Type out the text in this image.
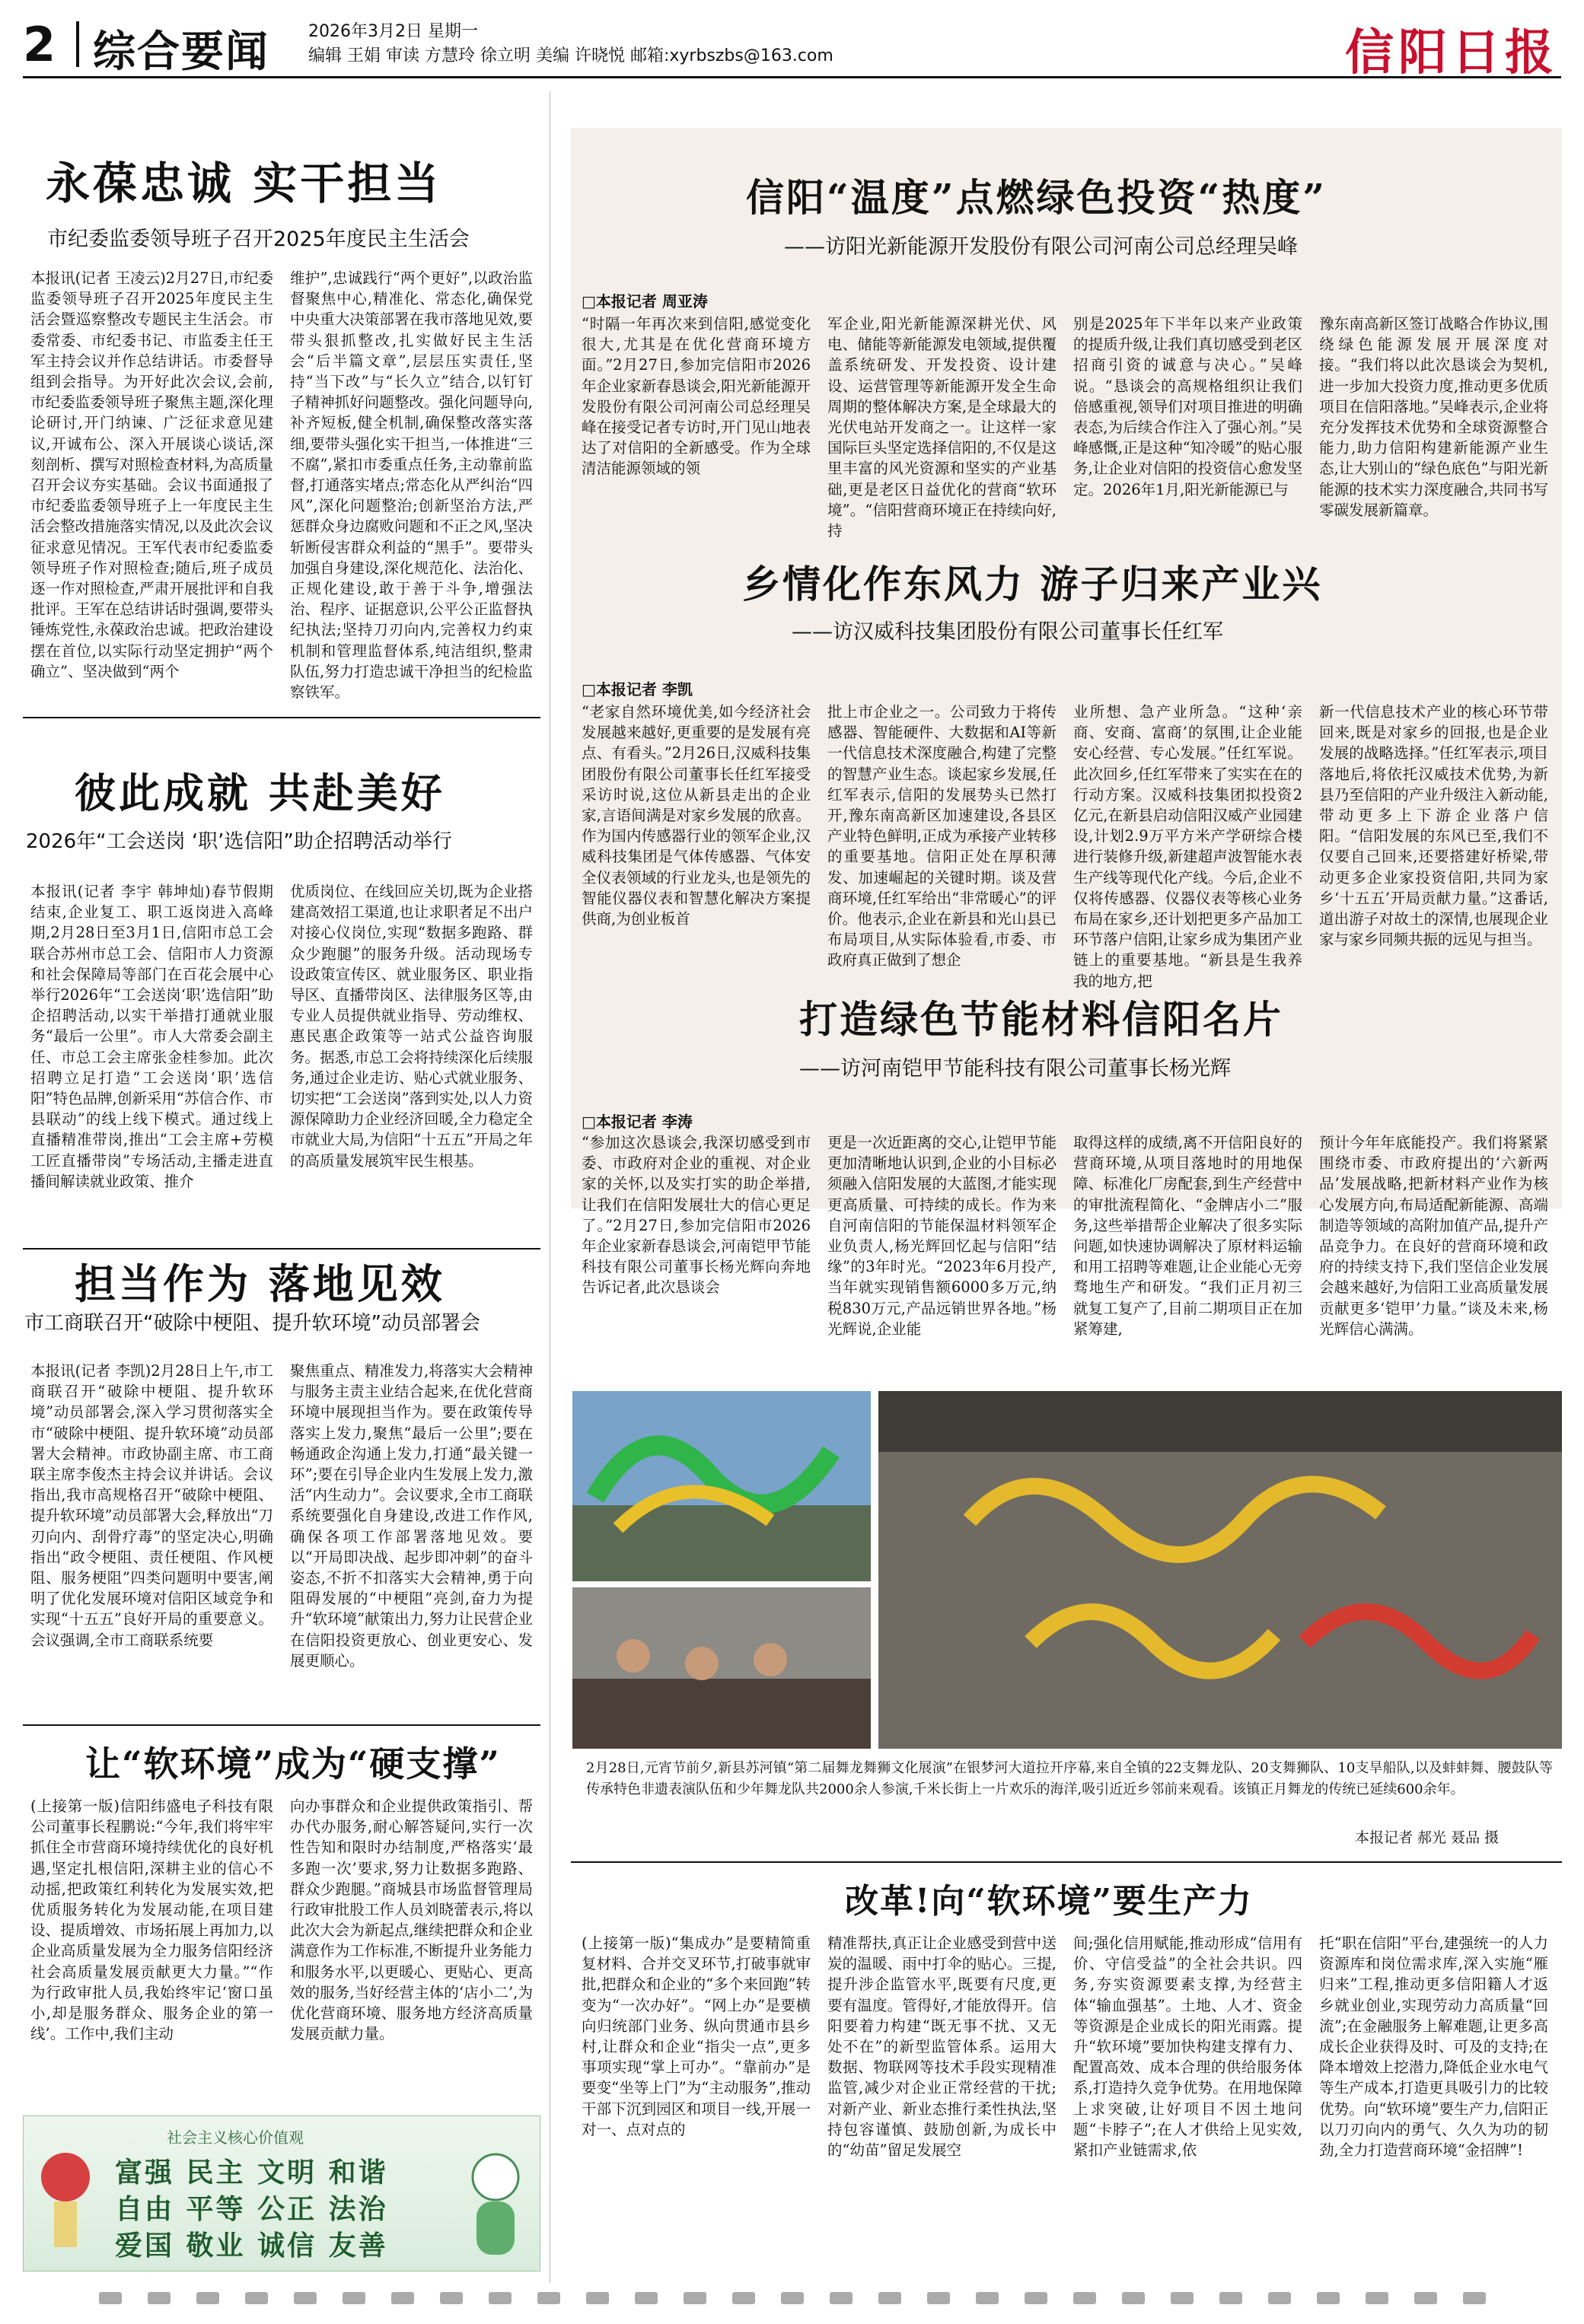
2 综合要闻 2026年3月2日 星期一
编辑 王娟 审读 方慧玲 徐立明 美编 许晓悦 邮箱:xyrbszbs@163.com	信阳日报
永葆忠诚 实干担当
市纪委监委领导班子召开2025年度民主生活会
本报讯(记者 王凌云)2月27日,市纪委监委领导班子召开2025年度民主生活会暨巡察整改专题民主生活会。市委常委、市纪委书记、市监委主任王军主持会议并作总结讲话。市委督导组到会指导。为开好此次会议,会前,市纪委监委领导班子聚焦主题,深化理论研讨,开门纳谏、广泛征求意见建议,开诚布公、深入开展谈心谈话,深刻剖析、撰写对照检查材料,为高质量召开会议夯实基础。会议书面通报了市纪委监委领导班子上一年度民主生活会整改措施落实情况,以及此次会议征求意见情况。王军代表市纪委监委领导班子作对照检查;随后,班子成员逐一作对照检查,严肃开展批评和自我批评。王军在总结讲话时强调,要带头锤炼党性,永葆政治忠诚。把政治建设摆在首位,以实际行动坚定拥护“两个确立”、坚决做到“两个
维护”,忠诚践行“两个更好”,以政治监督聚焦中心,精准化、常态化,确保党中央重大决策部署在我市落地见效,要带头狠抓整改,扎实做好民主生活会“后半篇文章”,层层压实责任,坚持“当下改”与“长久立”结合,以钉钉子精神抓好问题整改。强化问题导向,补齐短板,健全机制,确保整改落实落细,要带头强化实干担当,一体推进“三不腐”,紧扣市委重点任务,主动靠前监督,打通落实堵点;常态化从严纠治“四风”,深化问题整治;创新坚治方法,严惩群众身边腐败问题和不正之风,坚决斩断侵害群众利益的“黑手”。要带头加强自身建设,深化规范化、法治化、正规化建设,敢于善于斗争,增强法治、程序、证据意识,公平公正监督执纪执法;坚持刀刃向内,完善权力约束机制和管理监督体系,纯洁组织,整肃队伍,努力打造忠诚干净担当的纪检监察铁军。
彼此成就 共赴美好
2026年“工会送岗 ‘职’选信阳”助企招聘活动举行
本报讯(记者 李宇 韩坤灿)春节假期结束,企业复工、职工返岗进入高峰期,2月28日至3月1日,信阳市总工会联合苏州市总工会、信阳市人力资源和社会保障局等部门在百花会展中心举行2026年“工会送岗‘职’选信阳”助企招聘活动,以实干举措打通就业服务“最后一公里”。市人大常委会副主任、市总工会主席张金桂参加。此次招聘立足打造“工会送岗‘职’选信阳”特色品牌,创新采用“苏信合作、市县联动”的线上线下模式。通过线上直播精准带岗,推出“工会主席+劳模工匠直播带岗”专场活动,主播走进直播间解读就业政策、推介
优质岗位、在线回应关切,既为企业搭建高效招工渠道,也让求职者足不出户对接心仪岗位,实现“数据多跑路、群众少跑腿”的服务升级。活动现场专设政策宣传区、就业服务区、职业指导区、直播带岗区、法律服务区等,由专业人员提供就业指导、劳动维权、惠民惠企政策等一站式公益咨询服务。据悉,市总工会将持续深化后续服务,通过企业走访、贴心式就业服务、切实把“工会送岗”落到实处,以人力资源保障助力企业经济回暖,全力稳定全市就业大局,为信阳“十五五”开局之年的高质量发展筑牢民生根基。
担当作为 落地见效
市工商联召开“破除中梗阻、提升软环境”动员部署会
本报讯(记者 李凯)2月28日上午,市工商联召开“破除中梗阻、提升软环境”动员部署会,深入学习贯彻落实全市“破除中梗阻、提升软环境”动员部署大会精神。市政协副主席、市工商联主席李俊杰主持会议并讲话。会议指出,我市高规格召开“破除中梗阻、提升软环境”动员部署大会,释放出“刀刃向内、刮骨疗毒”的坚定决心,明确指出“政令梗阻、责任梗阻、作风梗阻、服务梗阻”四类问题明中要害,阐明了优化发展环境对信阳区域竞争和实现“十五五”良好开局的重要意义。会议强调,全市工商联系统要
聚焦重点、精准发力,将落实大会精神与服务主责主业结合起来,在优化营商环境中展现担当作为。要在政策传导落实上发力,聚焦“最后一公里”;要在畅通政企沟通上发力,打通“最关键一环”;要在引导企业内生发展上发力,激活“内生动力”。会议要求,全市工商联系统要强化自身建设,改进工作作风,确保各项工作部署落地见效。要以“开局即决战、起步即冲刺”的奋斗姿态,不折不扣落实大会精神,勇于向阻碍发展的“中梗阻”亮剑,奋力为提升“软环境”献策出力,努力让民营企业在信阳投资更放心、创业更安心、发展更顺心。
让“软环境”成为“硬支撑”
(上接第一版)信阳纬盛电子科技有限公司董事长程鹏说:“今年,我们将牢牢抓住全市营商环境持续优化的良好机遇,坚定扎根信阳,深耕主业的信心不动摇,把政策红利转化为发展实效,把优质服务转化为发展动能,在项目建设、提质增效、市场拓展上再加力,以企业高质量发展为全力服务信阳经济社会高质量发展贡献更大力量。”“作为行政审批人员,我始终牢记‘窗口虽小,却是服务群众、服务企业的第一线’。工作中,我们主动
向办事群众和企业提供政策指引、帮办代办服务,耐心解答疑问,实行一次性告知和限时办结制度,严格落实‘最多跑一次’要求,努力让数据多跑路、群众少跑腿。”商城县市场监督管理局行政审批股工作人员刘晓蕾表示,将以此次大会为新起点,继续把群众和企业满意作为工作标准,不断提升业务能力和服务水平,以更暖心、更贴心、更高效的服务,当好经营主体的‘店小二’,为优化营商环境、服务地方经济高质量发展贡献力量。
社会主义核心价值观
富强 民主 文明 和谐
自由 平等 公正 法治
爱国 敬业 诚信 友善
信阳“温度”点燃绿色投资“热度”
——访阳光新能源开发股份有限公司河南公司总经理吴峰
□本报记者 周亚涛
“时隔一年再次来到信阳,感觉变化很大,尤其是在优化营商环境方面。”2月27日,参加完信阳市2026年企业家新春恳谈会,阳光新能源开发股份有限公司河南公司总经理吴峰在接受记者专访时,开门见山地表达了对信阳的全新感受。作为全球清洁能源领域的领
军企业,阳光新能源深耕光伏、风电、储能等新能源发电领域,提供覆盖系统研发、开发投资、设计建设、运营管理等新能源开发全生命周期的整体解决方案,是全球最大的光伏电站开发商之一。让这样一家国际巨头坚定选择信阳的,不仅是这里丰富的风光资源和坚实的产业基础,更是老区日益优化的营商“软环境”。“信阳营商环境正在持续向好,持
别是2025年下半年以来产业政策的提质升级,让我们真切感受到老区招商引资的诚意与决心。”吴峰说。“恳谈会的高规格组织让我们倍感重视,领导们对项目推进的明确表态,为后续合作注入了强心剂。”吴峰感慨,正是这种“知冷暖”的贴心服务,让企业对信阳的投资信心愈发坚定。2026年1月,阳光新能源已与
豫东南高新区签订战略合作协议,围绕绿色能源发展开展深度对接。“我们将以此次恳谈会为契机,进一步加大投资力度,推动更多优质项目在信阳落地。”吴峰表示,企业将充分发挥技术优势和全球资源整合能力,助力信阳构建新能源产业生态,让大别山的“绿色底色”与阳光新能源的技术实力深度融合,共同书写零碳发展新篇章。
乡情化作东风力 游子归来产业兴
——访汉威科技集团股份有限公司董事长任红军
□本报记者 李凯
“老家自然环境优美,如今经济社会发展越来越好,更重要的是发展有亮点、有看头。”2月26日,汉威科技集团股份有限公司董事长任红军接受采访时说,这位从新县走出的企业家,言语间满是对家乡发展的欣喜。作为国内传感器行业的领军企业,汉威科技集团是气体传感器、气体安全仪表领域的行业龙头,也是领先的智能仪器仪表和智慧化解决方案提供商,为创业板首
批上市企业之一。公司致力于将传感器、智能硬件、大数据和AI等新一代信息技术深度融合,构建了完整的智慧产业生态。谈起家乡发展,任红军表示,信阳的发展势头已然打开,豫东南高新区加速建设,各县区产业特色鲜明,正成为承接产业转移的重要基地。信阳正处在厚积薄发、加速崛起的关键时期。谈及营商环境,任红军给出“非常暖心”的评价。他表示,企业在新县和光山县已布局项目,从实际体验看,市委、市政府真正做到了想企
业所想、急产业所急。“这种‘亲商、安商、富商’的氛围,让企业能安心经营、专心发展。”任红军说。此次回乡,任红军带来了实实在在的行动方案。汉威科技集团拟投资2亿元,在新县启动信阳汉威产业园建设,计划2.9万平方米产学研综合楼进行装修升级,新建超声波智能水表生产线等现代化产线。今后,企业不仅将传感器、仪器仪表等核心业务布局在家乡,还计划把更多产品加工环节落户信阳,让家乡成为集团产业链上的重要基地。“新县是生我养我的地方,把
新一代信息技术产业的核心环节带回来,既是对家乡的回报,也是企业发展的战略选择。”任红军表示,项目落地后,将依托汉威技术优势,为新县乃至信阳的产业升级注入新动能,带动更多上下游企业落户信阳。“信阳发展的东风已至,我们不仅要自己回来,还要搭建好桥梁,带动更多企业家投资信阳,共同为家乡‘十五五’开局贡献力量。”这番话,道出游子对故土的深情,也展现企业家与家乡同频共振的远见与担当。
打造绿色节能材料信阳名片
——访河南铠甲节能科技有限公司董事长杨光辉
□本报记者 李涛
“参加这次恳谈会,我深切感受到市委、市政府对企业的重视、对企业家的关怀,以及实打实的助企举措,让我们在信阳发展壮大的信心更足了。”2月27日,参加完信阳市2026年企业家新春恳谈会,河南铠甲节能科技有限公司董事长杨光辉向奔地告诉记者,此次恳谈会
更是一次近距离的交心,让铠甲节能更加清晰地认识到,企业的小目标必须融入信阳发展的大蓝图,才能实现更高质量、可持续的成长。作为来自河南信阳的节能保温材料领军企业负责人,杨光辉回忆起与信阳“结缘”的3年时光。“2023年6月投产,当年就实现销售额6000多万元,纳税830万元,产品远销世界各地。”杨光辉说,企业能
取得这样的成绩,离不开信阳良好的营商环境,从项目落地时的用地保障、标准化厂房配套,到生产经营中的审批流程简化、“金牌店小二”服务,这些举措帮企业解决了很多实际问题,如快速协调解决了原材料运输和用工招聘等难题,让企业能心无旁骛地生产和研发。“我们正月初三就复工复产了,目前二期项目正在加紧筹建,
预计今年年底能投产。我们将紧紧围绕市委、市政府提出的‘六新两品’发展战略,把新材料产业作为核心发展方向,布局适配新能源、高端制造等领域的高附加值产品,提升产品竞争力。在良好的营商环境和政府的持续支持下,我们坚信企业发展会越来越好,为信阳工业高质量发展贡献更多‘铠甲’力量。”谈及未来,杨光辉信心满满。
2月28日,元宵节前夕,新县苏河镇“第二届舞龙舞狮文化展演”在银梦河大道拉开序幕,来自全镇的22支舞龙队、20支舞狮队、10支旱船队,以及蚌蚌舞、腰鼓队等传承特色非遗表演队伍和少年舞龙队共2000余人参演,千米长街上一片欢乐的海洋,吸引近近乡邻前来观看。该镇正月舞龙的传统已延续600余年。
本报记者 郝光 聂品 摄
改革!向“软环境”要生产力
(上接第一版)“集成办”是要精简重复材料、合并交叉环节,打破事就审批,把群众和企业的“多个来回跑”转变为“一次办好”。“网上办”是要横向归统部门业务、纵向贯通市县乡村,让群众和企业“指尖一点”,更多事项实现“掌上可办”。“靠前办”是要变“坐等上门”为“主动服务”,推动干部下沉到园区和项目一线,开展一对一、点对点的
精准帮扶,真正让企业感受到营中送炭的温暖、雨中打伞的贴心。三提,提升涉企监管水平,既要有尺度,更要有温度。管得好,才能放得开。信阳要着力构建“既无事不扰、又无处不在”的新型监管体系。运用大数据、物联网等技术手段实现精准监管,减少对企业正常经营的干扰;对新产业、新业态推行柔性执法,坚持包容谨慎、鼓励创新,为成长中的“幼苗”留足发展空
间;强化信用赋能,推动形成“信用有价、守信受益”的全社会共识。四务,夯实资源要素支撑,为经营主体“输血强基”。土地、人才、资金等资源是企业成长的阳光雨露。提升“软环境”要加快构建支撑有力、配置高效、成本合理的供给服务体系,打造持久竞争优势。在用地保障上求突破,让好项目不因土地问题“卡脖子”;在人才供给上见实效,紧扣产业链需求,依
托“职在信阳”平台,建强统一的人力资源库和岗位需求库,深入实施“雁归来”工程,推动更多信阳籍人才返乡就业创业,实现劳动力高质量“回流”;在金融服务上解难题,让更多高成长企业获得及时、可及的支持;在降本增效上挖潜力,降低企业水电气等生产成本,打造更具吸引力的比较优势。向“软环境”要生产力,信阳正以刀刃向内的勇气、久久为功的韧劲,全力打造营商环境“金招牌”!
